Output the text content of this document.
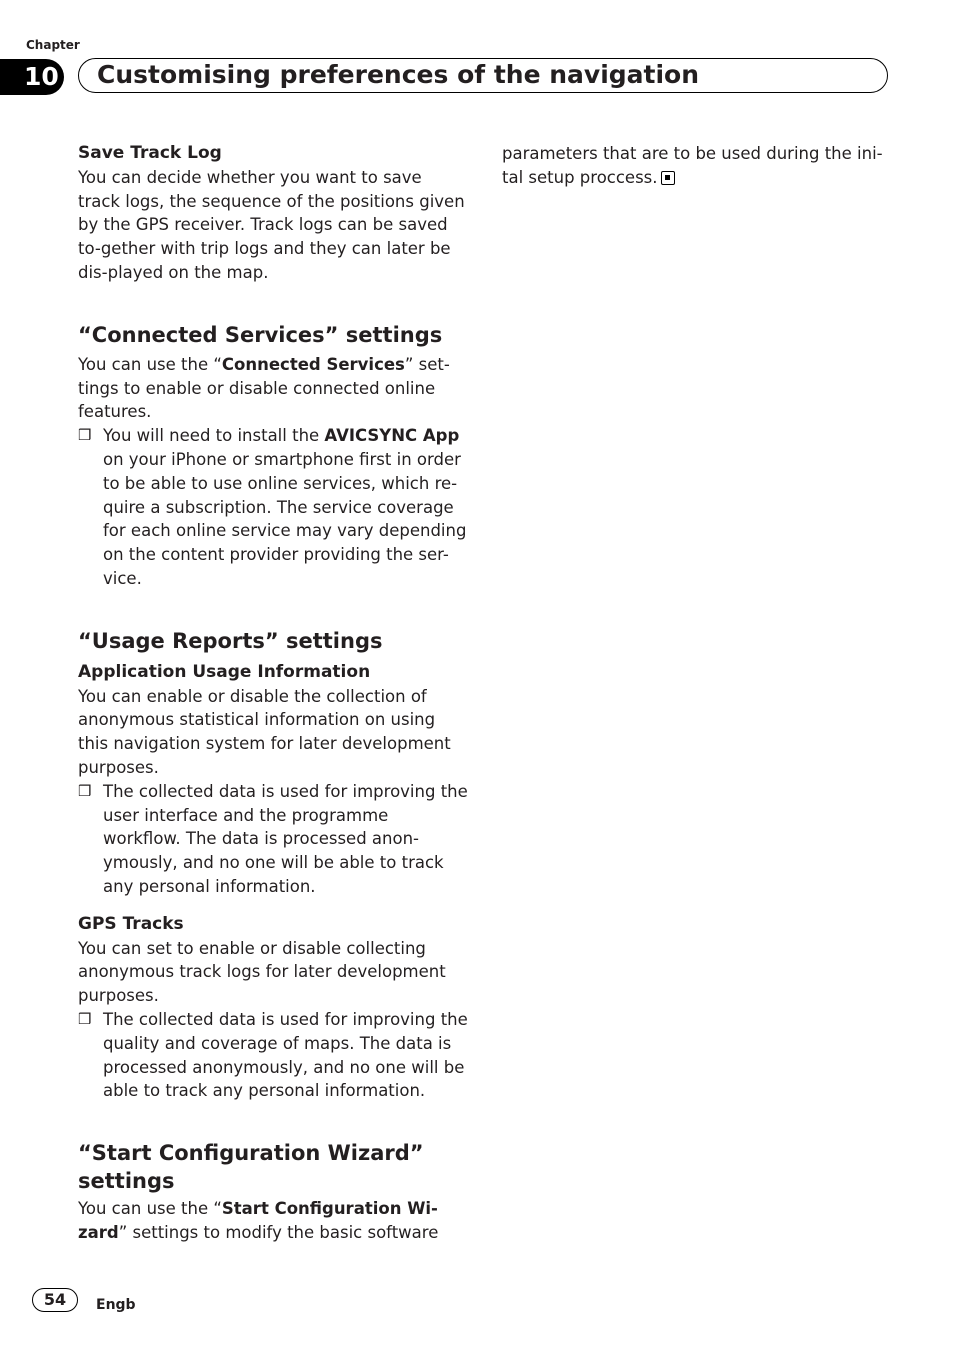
Chapter
10	Customising preferences of the navigation

Save Track Log

You can decide whether you want to save track logs, the sequence of the positions given by the GPS receiver. Track logs can be saved to-gether with trip logs and they can later be dis-played on the map.

“Connected Services” settings

You can use the “Connected Services” set-tings to enable or disable connected online features.

❒ You will need to install the AVICSYNC App on your iPhone or smartphone first in order to be able to use online services, which re-quire a subscription. The service coverage for each online service may vary depending on the content provider providing the ser-vice.
“Usage Reports” settings

Application Usage Information

You can enable or disable the collection of anonymous statistical information on using this navigation system for later development purposes.

❒ The collected data is used for improving the user interface and the programme workflow. The data is processed anon-ymously, and no one will be able to track any personal information.

GPS Tracks

You can set to enable or disable collecting anonymous track logs for later development purposes.

❒ The collected data is used for improving the quality and coverage of maps. The data is processed anonymously, and no one will be able to track any personal information.
“Start Configuration Wizard” settings

You can use the “Start Configuration Wi-zard” settings to modify the basic software

parameters that are to be used during the ini-tal setup proccess.

54	Engb
